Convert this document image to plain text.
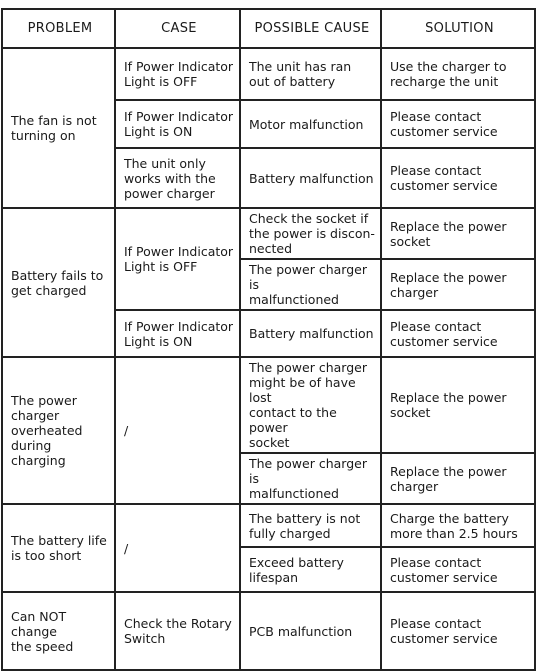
PROBLEM	CASE	POSSIBLE CAUSE	SOLUTION
The fan is not
turning on	If Power Indicator
Light is OFF	The unit has ran
out of battery	Use the charger to
recharge the unit
	If Power Indicator
Light is ON	Motor malfunction	Please contact
customer service
	The unit only
works with the
power charger	Battery malfunction	Please contact
customer service
Battery fails to
get charged	If Power Indicator
Light is OFF	Check the socket if
the power is discon-
nected	Replace the power
socket
		The power charger is
malfunctioned	Replace the power
charger
	If Power Indicator
Light is ON	Battery malfunction	Please contact
customer service
The power
charger
overheated
during
charging	/	The power charger
might be of have lost
contact to the power
socket	Replace the power
socket
		The power charger is
malfunctioned	Replace the power
charger
The battery life
is too short	/	The battery is not
fully charged	Charge the battery
more than 2.5 hours
		Exceed battery
lifespan	Please contact
customer service
Can NOT change
the speed	Check the Rotary
Switch	PCB malfunction	Please contact
customer service
